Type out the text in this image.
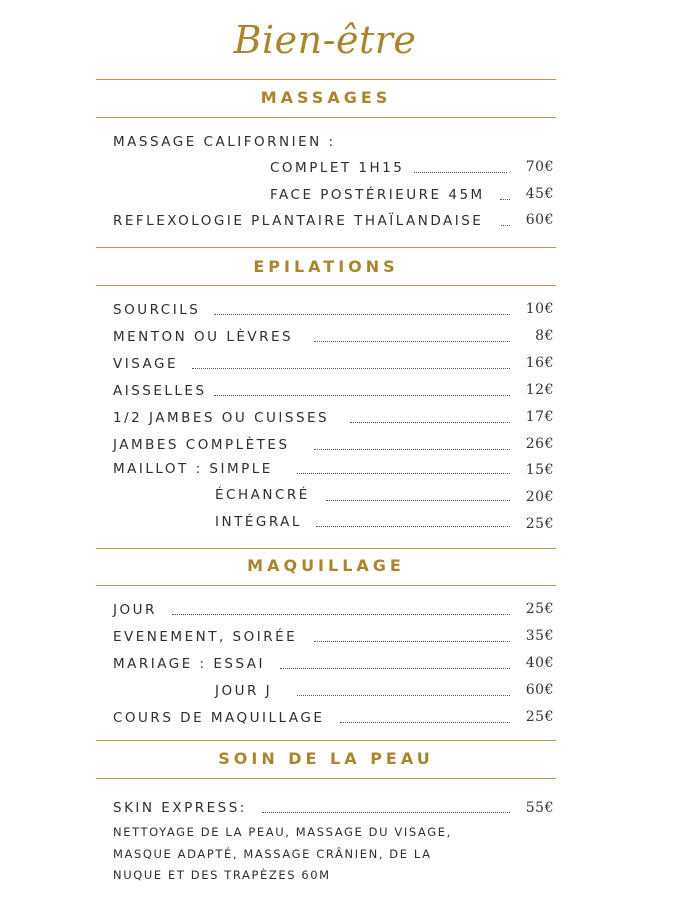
Bien-être
MASSAGES
MASSAGE CALIFORNIEN :
COMPLET 1H15	70€
FACE POSTÉRIEURE 45M	45€
REFLEXOLOGIE PLANTAIRE THAÏLANDAISE	60€
EPILATIONS
SOURCILS	10€
MENTON OU LÈVRES	8€
VISAGE	16€
AISSELLES	12€
1/2 JAMBES OU CUISSES	17€
JAMBES COMPLÈTES	26€
MAILLOT : SIMPLE	15€
ÉCHANCRÉ	20€
INTÉGRAL	25€
MAQUILLAGE
JOUR	25€
EVENEMENT, SOIRÉE	35€
MARIAGE : ESSAI	40€
JOUR J	60€
COURS DE MAQUILLAGE	25€
SOIN DE LA PEAU
SKIN EXPRESS:	55€
NETTOYAGE DE LA PEAU, MASSAGE DU VISAGE,
MASQUE ADAPTÉ, MASSAGE CRÂNIEN, DE LA
NUQUE ET DES TRAPÈZES 60M
